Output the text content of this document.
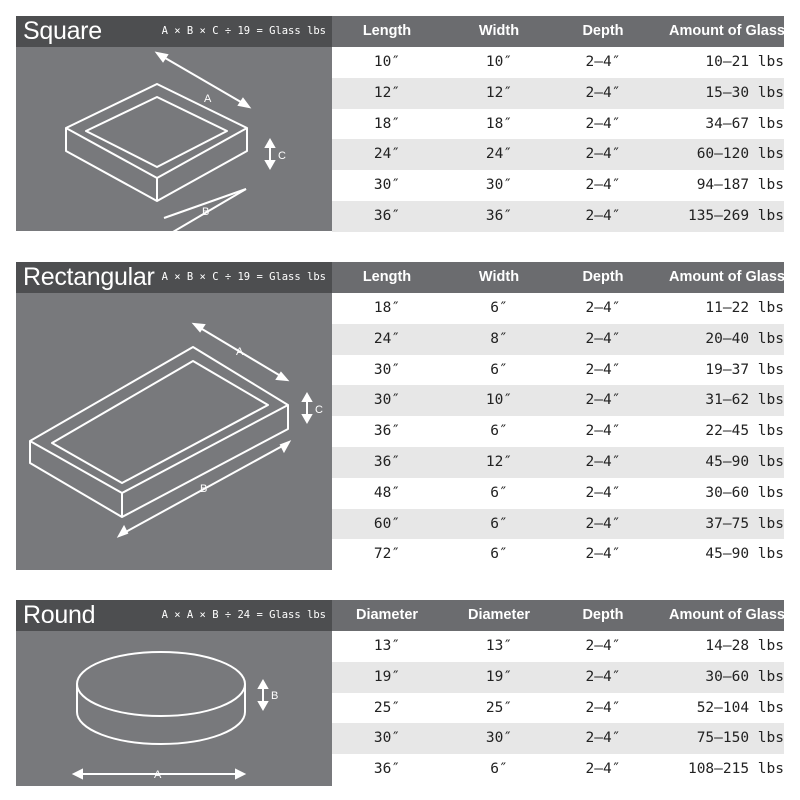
Square	A × B × C ÷ 19 = Glass lbs
A
B
C
Length	Width	Depth	Amount of Glass
10″	10″	2–4″	10–21 lbs
12″	12″	2–4″	15–30 lbs
18″	18″	2–4″	34–67 lbs
24″	24″	2–4″	60–120 lbs
30″	30″	2–4″	94–187 lbs
36″	36″	2–4″	135–269 lbs
Rectangular A × B × C ÷ 19 = Glass lbs
A
B
C
Length	Width	Depth	Amount of Glass
18″	6″	2–4″	11–22 lbs
24″	8″	2–4″	20–40 lbs
30″	6″	2–4″	19–37 lbs
30″	10″	2–4″	31–62 lbs
36″	6″	2–4″	22–45 lbs
36″	12″	2–4″	45–90 lbs
48″	6″	2–4″	30–60 lbs
60″	6″	2–4″	37–75 lbs
72″	6″	2–4″	45–90 lbs
Round	A × A × B ÷ 24 = Glass lbs
A
B
Diameter	Diameter	Depth	Amount of Glass
13″	13″	2–4″	14–28 lbs
19″	19″	2–4″	30–60 lbs
25″	25″	2–4″	52–104 lbs
30″	30″	2–4″	75–150 lbs
36″	6″	2–4″	108–215 lbs
